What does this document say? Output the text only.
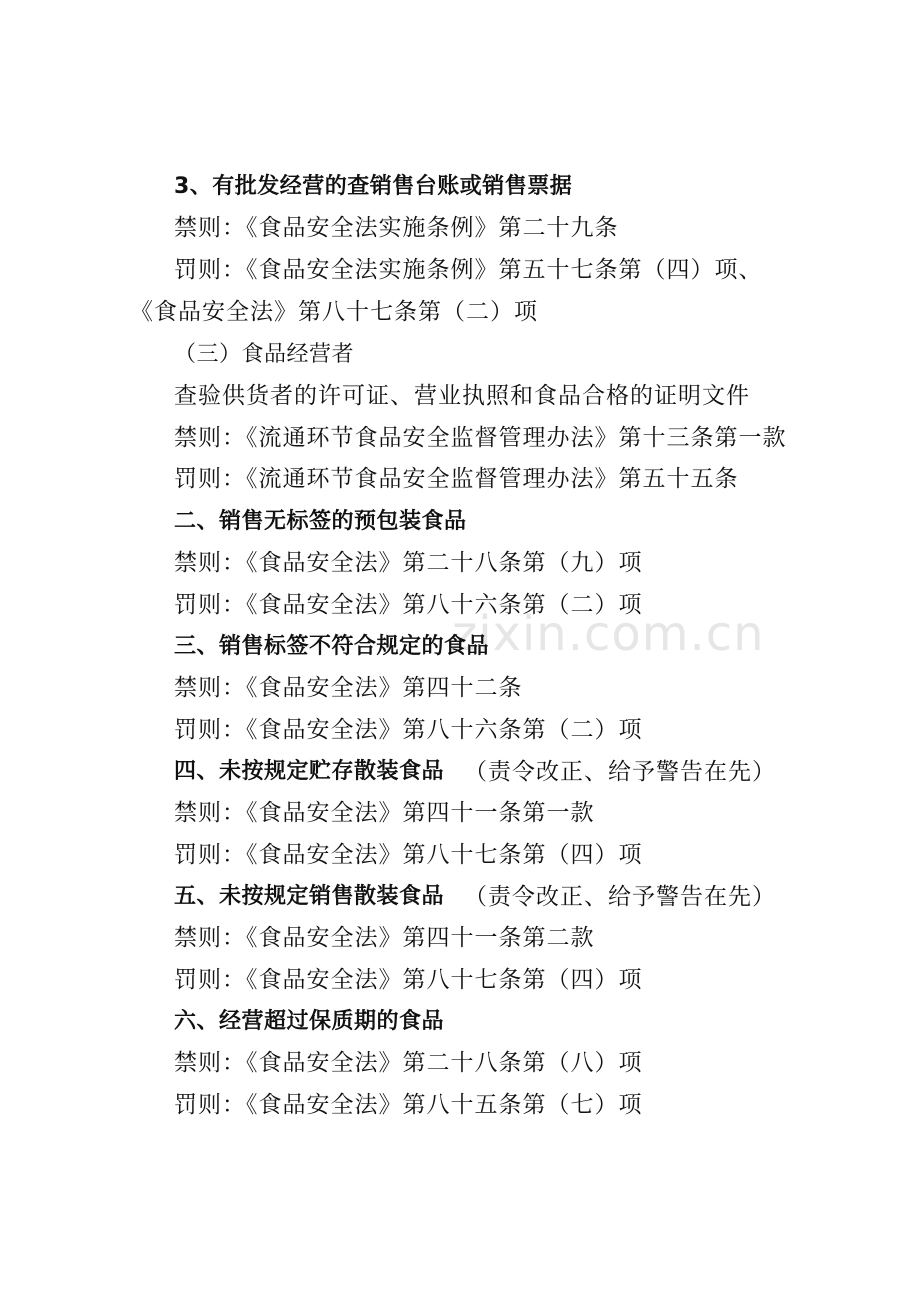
zixin.com.cn
3、有批发经营的查销售台账或销售票据
禁则：《食品安全法实施条例》第二十九条
罚则：《食品安全法实施条例》第五十七条第（四）项、
《食品安全法》第八十七条第（二）项
（三）食品经营者
查验供货者的许可证、营业执照和食品合格的证明文件
禁则：《流通环节食品安全监督管理办法》第十三条第一款
罚则：《流通环节食品安全监督管理办法》第五十五条
二、销售无标签的预包装食品
禁则：《食品安全法》第二十八条第（九）项
罚则：《食品安全法》第八十六条第（二）项
三、销售标签不符合规定的食品
禁则：《食品安全法》第四十二条
罚则：《食品安全法》第八十六条第（二）项
四、未按规定贮存散装食品 （责令改正、给予警告在先）
禁则：《食品安全法》第四十一条第一款
罚则：《食品安全法》第八十七条第（四）项
五、未按规定销售散装食品 （责令改正、给予警告在先）
禁则：《食品安全法》第四十一条第二款
罚则：《食品安全法》第八十七条第（四）项
六、经营超过保质期的食品
禁则：《食品安全法》第二十八条第（八）项
罚则：《食品安全法》第八十五条第（七）项
